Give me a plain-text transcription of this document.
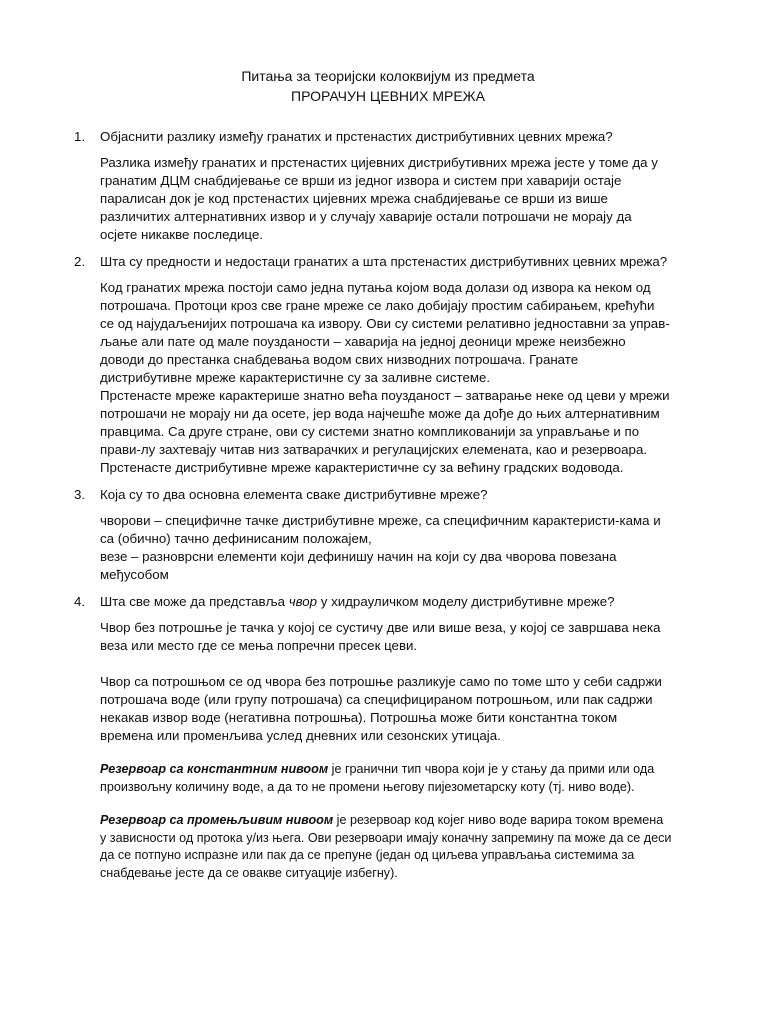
Питања за теоријски колоквијум из предмета
ПРОРАЧУН ЦЕВНИХ МРЕЖА
1.	Објаснити разлику између гранатих и прстенастих дистрибутивних цевних мрежа?

Разлика између гранатих и прстенастих цијевних дистрибутивних мрежа јесте у томе да у гранатим ДЦМ снабдијевање се врши из једног извора и систем при хаварији остаје паралисан док је код прстенастих цијевних мрежа снабдијевање се врши из више различитих алтернативних извор и у случају хаварије остали потрошачи не морају да осјете никакве последице.

2.	Шта су предности и недостаци гранатих а шта прстенастих дистрибутивних цевних мрежа?

Код гранатих мрежа постоји само једна путања којом вода долази од извора ка неком од потрошача. Протоци кроз све гране мреже се лако добијају простим сабирањем, крећући се од најудаљенијих потрошача ка извору. Ови су системи релативно једноставни за управ-љање али пате од мале поузданости – хаварија на једној деоници мреже неизбежно доводи до престанка снабдевања водом свих низводних потрошача. Гранате дистрибутивне мреже карактеристичне су за заливне системе.

Прстенасте мреже карактерише знатно већа поузданост – затварање неке од цеви у мрежи потрошачи не морају ни да осете, јер вода најчешће може да дође до њих алтернативним правцима. Са друге стране, ови су системи знатно компликованији за управљање и по прави-лу захтевају читав низ затварачких и регулацијских елемената, као и резервоара. Прстенасте дистрибутивне мреже карактеристичне су за већину градских водовода.

3.	Која су то два основна елемента сваке дистрибутивне мреже?

чворови – специфичне тачке дистрибутивне мреже, са специфичним карактеристи-кама и са (обично) тачно дефинисаним положајем,

везе – разноврсни елементи који дефинишу начин на који су два чворова повезана међусобом

4.	Шта све може да представља чвор у хидрауличком моделу дистрибутивне мреже?

Чвор без потрошње је тачка у којој се сустичу две или више веза, у којој се завршава нека веза или место где се мења попречни пресек цеви.

Чвор са потрошњом се од чвора без потрошње разликује само по томе што у себи садржи потрошача воде (или групу потрошача) са специфицираном потрошњом, или пак садржи некакав извор воде (негативна потрошња). Потрошња може бити константна током времена или променљива услед дневних или сезонских утицаја.

Резервоар са константним нивоом је гранични тип чвора који је у стању да прими или ода произвољну количину воде, а да то не промени његову пијезометарску коту (тј. ниво воде).

Резервоар са промењљивим нивоом је резервоар код којег ниво воде варира током времена у зависности од протока у/из њега. Ови резервоари имају коначну запремину па може да се деси да се потпуно испразне или пак да се препуне (један од циљева управљања системима за снабдевање јесте да се овакве ситуације избегну).
